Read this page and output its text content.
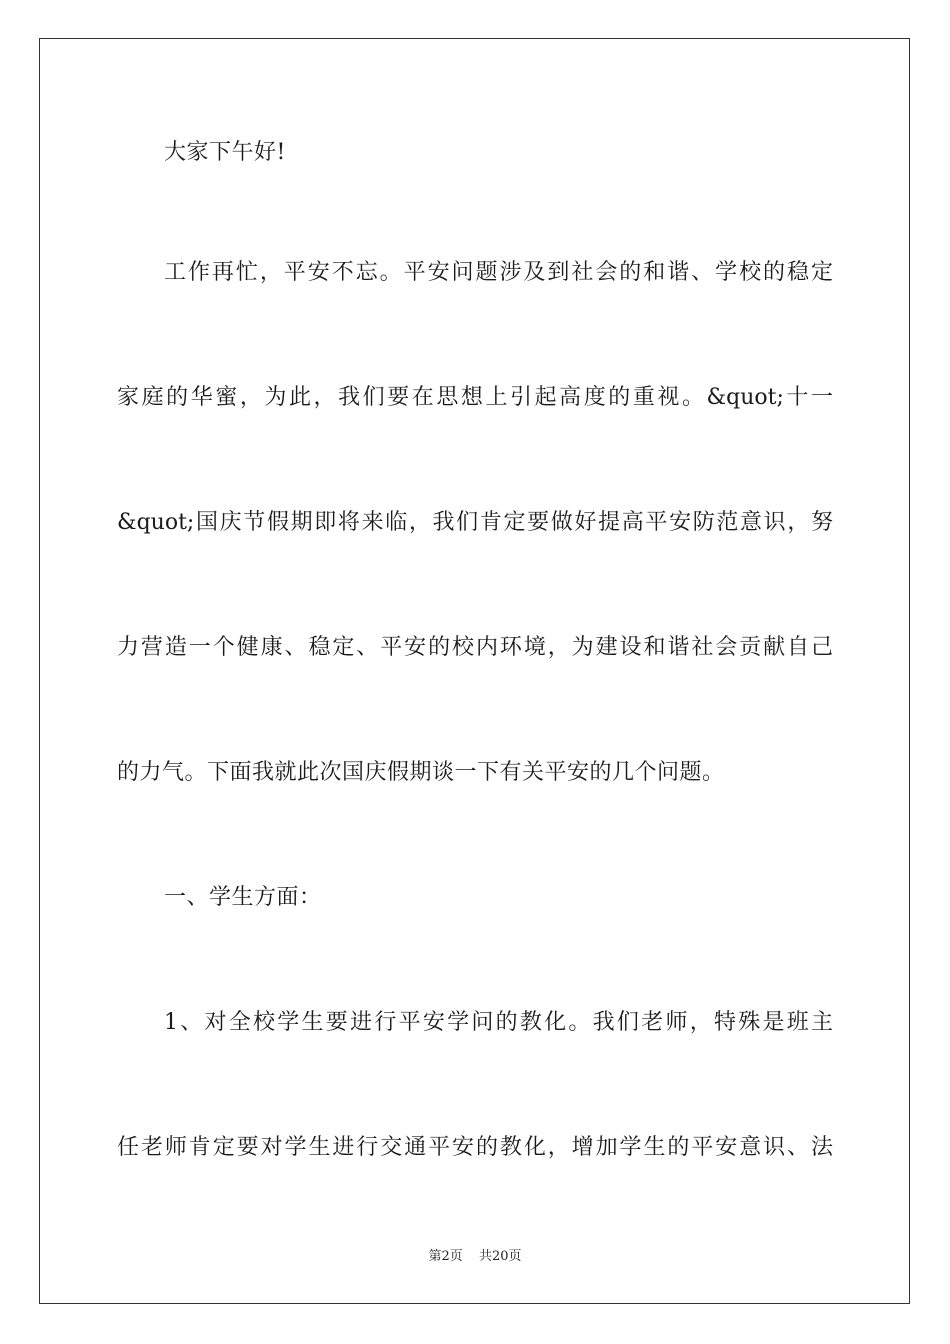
大家下午好!
工作再忙，平安不忘。平安问题涉及到社会的和谐、学校的稳定
家庭的华蜜，为此，我们要在思想上引起高度的重视。&quot;十一
&quot;国庆节假期即将来临，我们肯定要做好提高平安防范意识，努
力营造一个健康、稳定、平安的校内环境，为建设和谐社会贡献自己
的力气。下面我就此次国庆假期谈一下有关平安的几个问题。
一、学生方面：
1、对全校学生要进行平安学问的教化。我们老师，特殊是班主
任老师肯定要对学生进行交通平安的教化，增加学生的平安意识、法
第2页 共20页
